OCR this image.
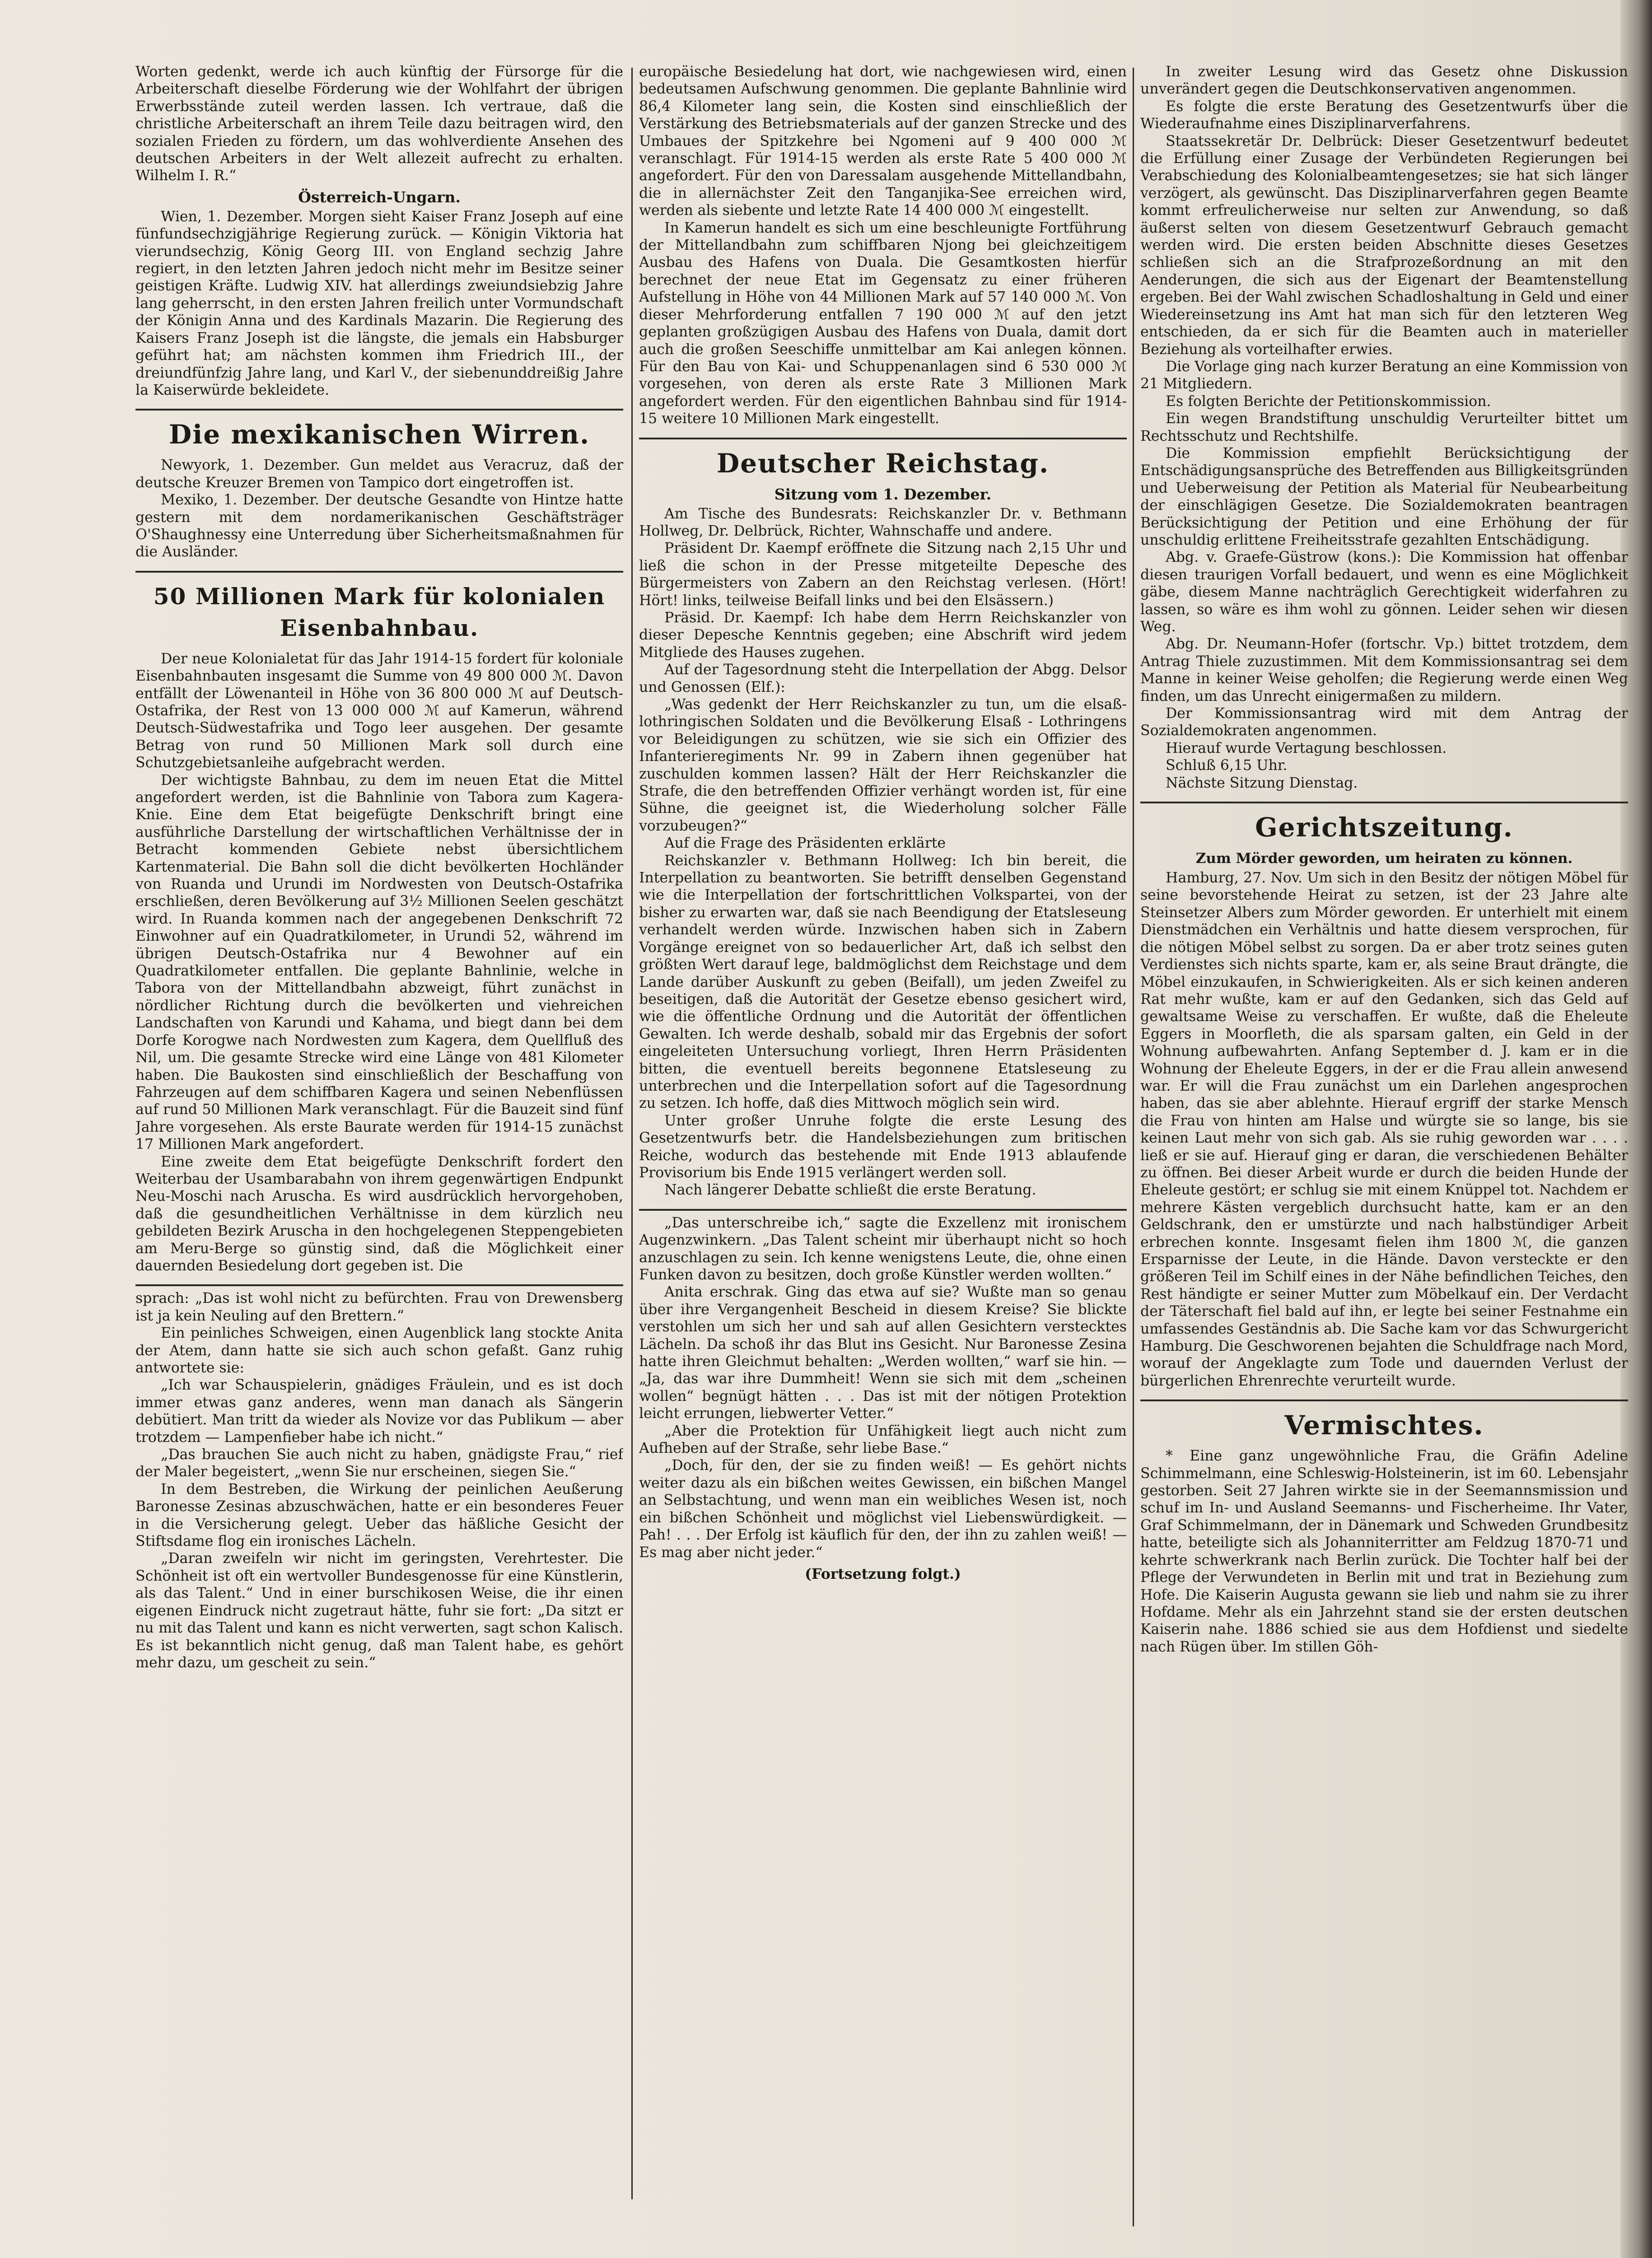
Worten gedenkt, werde ich auch künftig der Fürsorge für die Arbeiterschaft dieselbe Förderung wie der Wohlfahrt der übrigen Erwerbsstände zuteil werden lassen. Ich vertraue, daß die christliche Arbeiterschaft an ihrem Teile dazu beitragen wird, den sozialen Frieden zu fördern, um das wohlverdiente Ansehen des deutschen Arbeiters in der Welt allezeit aufrecht zu erhalten. Wilhelm I. R.“

Österreich-Ungarn.

Wien, 1. Dezember. Morgen sieht Kaiser Franz Joseph auf eine fünfundsechzigjährige Regierung zurück. — Königin Viktoria hat vierundsechzig, König Georg III. von England sechzig Jahre regiert, in den letzten Jahren jedoch nicht mehr im Besitze seiner geistigen Kräfte. Ludwig XIV. hat allerdings zweiundsiebzig Jahre lang geherrscht, in den ersten Jahren freilich unter Vormundschaft der Königin Anna und des Kardinals Mazarin. Die Regierung des Kaisers Franz Joseph ist die längste, die jemals ein Habsburger geführt hat; am nächsten kommen ihm Friedrich III., der dreiundfünfzig Jahre lang, und Karl V., der siebenunddreißig Jahre la Kaiserwürde bekleidete.

Die mexikanischen Wirren.

Newyork, 1. Dezember. Gun meldet aus Veracruz, daß der deutsche Kreuzer Bremen von Tampico dort eingetroffen ist.

Mexiko, 1. Dezember. Der deutsche Gesandte von Hintze hatte gestern mit dem nordamerikanischen Geschäftsträger O'Shaughnessy eine Unterredung über Sicherheitsmaßnahmen für die Ausländer.

50 Millionen Mark für kolonialen Eisenbahnbau.

Der neue Kolonialetat für das Jahr 1914-15 fordert für koloniale Eisenbahnbauten insgesamt die Summe von 49 800 000 ℳ. Davon entfällt der Löwenanteil in Höhe von 36 800 000 ℳ auf Deutsch-Ostafrika, der Rest von 13 000 000 ℳ auf Kamerun, während Deutsch-Südwestafrika und Togo leer ausgehen. Der gesamte Betrag von rund 50 Millionen Mark soll durch eine Schutzgebietsanleihe aufgebracht werden.

Der wichtigste Bahnbau, zu dem im neuen Etat die Mittel angefordert werden, ist die Bahnlinie von Tabora zum Kagera-Knie. Eine dem Etat beigefügte Denkschrift bringt eine ausführliche Darstellung der wirtschaftlichen Verhältnisse der in Betracht kommenden Gebiete nebst übersichtlichem Kartenmaterial. Die Bahn soll die dicht bevölkerten Hochländer von Ruanda und Urundi im Nordwesten von Deutsch-Ostafrika erschließen, deren Bevölkerung auf 3½ Millionen Seelen geschätzt wird. In Ruanda kommen nach der angegebenen Denkschrift 72 Einwohner auf ein Quadratkilometer, in Urundi 52, während im übrigen Deutsch-Ostafrika nur 4 Bewohner auf ein Quadratkilometer entfallen. Die geplante Bahnlinie, welche in Tabora von der Mittellandbahn abzweigt, führt zunächst in nördlicher Richtung durch die bevölkerten und viehreichen Landschaften von Karundi und Kahama, und biegt dann bei dem Dorfe Korogwe nach Nordwesten zum Kagera, dem Quellfluß des Nil, um. Die gesamte Strecke wird eine Länge von 481 Kilometer haben. Die Baukosten sind einschließlich der Beschaffung von Fahrzeugen auf dem schiffbaren Kagera und seinen Nebenflüssen auf rund 50 Millionen Mark veranschlagt. Für die Bauzeit sind fünf Jahre vorgesehen. Als erste Baurate werden für 1914-15 zunächst 17 Millionen Mark angefordert.

Eine zweite dem Etat beigefügte Denkschrift fordert den Weiterbau der Usambarabahn von ihrem gegenwärtigen Endpunkt Neu-Moschi nach Aruscha. Es wird ausdrücklich hervorgehoben, daß die gesundheitlichen Verhältnisse in dem kürzlich neu gebildeten Bezirk Aruscha in den hochgelegenen Steppengebieten am Meru-Berge so günstig sind, daß die Möglichkeit einer dauernden Besiedelung dort gegeben ist. Die

sprach: „Das ist wohl nicht zu befürchten. Frau von Drewensberg ist ja kein Neuling auf den Brettern.“

Ein peinliches Schweigen, einen Augenblick lang stockte Anita der Atem, dann hatte sie sich auch schon gefaßt. Ganz ruhig antwortete sie:

„Ich war Schauspielerin, gnädiges Fräulein, und es ist doch immer etwas ganz anderes, wenn man danach als Sängerin debütiert. Man tritt da wieder als Novize vor das Publikum — aber trotzdem — Lampenfieber habe ich nicht.“

„Das brauchen Sie auch nicht zu haben, gnädigste Frau,“ rief der Maler begeistert, „wenn Sie nur erscheinen, siegen Sie.“

In dem Bestreben, die Wirkung der peinlichen Aeußerung Baronesse Zesinas abzuschwächen, hatte er ein besonderes Feuer in die Versicherung gelegt. Ueber das häßliche Gesicht der Stiftsdame flog ein ironisches Lächeln.

„Daran zweifeln wir nicht im geringsten, Verehrtester. Die Schönheit ist oft ein wertvoller Bundesgenosse für eine Künstlerin, als das Talent.“ Und in einer burschikosen Weise, die ihr einen eigenen Eindruck nicht zugetraut hätte, fuhr sie fort: „Da sitzt er nu mit das Talent und kann es nicht verwerten, sagt schon Kalisch. Es ist bekanntlich nicht genug, daß man Talent habe, es gehört mehr dazu, um gescheit zu sein.“

europäische Besiedelung hat dort, wie nachgewiesen wird, einen bedeutsamen Aufschwung genommen. Die geplante Bahnlinie wird 86,4 Kilometer lang sein, die Kosten sind einschließlich der Verstärkung des Betriebsmaterials auf der ganzen Strecke und des Umbaues der Spitzkehre bei Ngomeni auf 9 400 000 ℳ veranschlagt. Für 1914-15 werden als erste Rate 5 400 000 ℳ angefordert. Für den von Daressalam ausgehende Mittellandbahn, die in allernächster Zeit den Tanganjika-See erreichen wird, werden als siebente und letzte Rate 14 400 000 ℳ eingestellt.

In Kamerun handelt es sich um eine beschleunigte Fortführung der Mittellandbahn zum schiffbaren Njong bei gleichzeitigem Ausbau des Hafens von Duala. Die Gesamtkosten hierfür berechnet der neue Etat im Gegensatz zu einer früheren Aufstellung in Höhe von 44 Millionen Mark auf 57 140 000 ℳ. Von dieser Mehrforderung entfallen 7 190 000 ℳ auf den jetzt geplanten großzügigen Ausbau des Hafens von Duala, damit dort auch die großen Seeschiffe unmittelbar am Kai anlegen können. Für den Bau von Kai- und Schuppenanlagen sind 6 530 000 ℳ vorgesehen, von deren als erste Rate 3 Millionen Mark angefordert werden. Für den eigentlichen Bahnbau sind für 1914-15 weitere 10 Millionen Mark eingestellt.

Deutscher Reichstag.
Sitzung vom 1. Dezember.

Am Tische des Bundesrats: Reichskanzler Dr. v. Bethmann Hollweg, Dr. Delbrück, Richter, Wahnschaffe und andere.

Präsident Dr. Kaempf eröffnete die Sitzung nach 2,15 Uhr und ließ die schon in der Presse mitgeteilte Depesche des Bürgermeisters von Zabern an den Reichstag verlesen. (Hört! Hört! links, teilweise Beifall links und bei den Elsässern.)

Präsid. Dr. Kaempf: Ich habe dem Herrn Reichskanzler von dieser Depesche Kenntnis gegeben; eine Abschrift wird jedem Mitgliede des Hauses zugehen.

Auf der Tagesordnung steht die Interpellation der Abgg. Delsor und Genossen (Elf.):

„Was gedenkt der Herr Reichskanzler zu tun, um die elsaß-lothringischen Soldaten und die Bevölkerung Elsaß - Lothringens vor Beleidigungen zu schützen, wie sie sich ein Offizier des Infanterieregiments Nr. 99 in Zabern ihnen gegenüber hat zuschulden kommen lassen? Hält der Herr Reichskanzler die Strafe, die den betreffenden Offizier verhängt worden ist, für eine Sühne, die geeignet ist, die Wiederholung solcher Fälle vorzubeugen?“

Auf die Frage des Präsidenten erklärte

Reichskanzler v. Bethmann Hollweg: Ich bin bereit, die Interpellation zu beantworten. Sie betrifft denselben Gegenstand wie die Interpellation der fortschrittlichen Volkspartei, von der bisher zu erwarten war, daß sie nach Beendigung der Etatsleseung verhandelt werden würde. Inzwischen haben sich in Zabern Vorgänge ereignet von so bedauerlicher Art, daß ich selbst den größten Wert darauf lege, baldmöglichst dem Reichstage und dem Lande darüber Auskunft zu geben (Beifall), um jeden Zweifel zu beseitigen, daß die Autorität der Gesetze ebenso gesichert wird, wie die öffentliche Ordnung und die Autorität der öffentlichen Gewalten. Ich werde deshalb, sobald mir das Ergebnis der sofort eingeleiteten Untersuchung vorliegt, Ihren Herrn Präsidenten bitten, die eventuell bereits begonnene Etatsleseung zu unterbrechen und die Interpellation sofort auf die Tagesordnung zu setzen. Ich hoffe, daß dies Mittwoch möglich sein wird.

Unter großer Unruhe folgte die erste Lesung des Gesetzentwurfs betr. die Handelsbeziehungen zum britischen Reiche, wodurch das bestehende mit Ende 1913 ablaufende Provisorium bis Ende 1915 verlängert werden soll.

Nach längerer Debatte schließt die erste Beratung.

„Das unterschreibe ich,“ sagte die Exzellenz mit ironischem Augenzwinkern. „Das Talent scheint mir überhaupt nicht so hoch anzuschlagen zu sein. Ich kenne wenigstens Leute, die, ohne einen Funken davon zu besitzen, doch große Künstler werden wollten.“

Anita erschrak. Ging das etwa auf sie? Wußte man so genau über ihre Vergangenheit Bescheid in diesem Kreise? Sie blickte verstohlen um sich her und sah auf allen Gesichtern verstecktes Lächeln. Da schoß ihr das Blut ins Gesicht. Nur Baronesse Zesina hatte ihren Gleichmut behalten: „Werden wollten,“ warf sie hin. — „Ja, das war ihre Dummheit! Wenn sie sich mit dem „scheinen wollen“ begnügt hätten . . . Das ist mit der nötigen Protektion leicht errungen, liebwerter Vetter.“

„Aber die Protektion für Unfähigkeit liegt auch nicht zum Aufheben auf der Straße, sehr liebe Base.“

„Doch, für den, der sie zu finden weiß! — Es gehört nichts weiter dazu als ein bißchen weites Gewissen, ein bißchen Mangel an Selbstachtung, und wenn man ein weibliches Wesen ist, noch ein bißchen Schönheit und möglichst viel Liebenswürdigkeit. — Pah! . . . Der Erfolg ist käuflich für den, der ihn zu zahlen weiß! — Es mag aber nicht jeder.“

(Fortsetzung folgt.)

In zweiter Lesung wird das Gesetz ohne Diskussion unverändert gegen die Deutschkonservativen angenommen.

Es folgte die erste Beratung des Gesetzentwurfs über die Wiederaufnahme eines Disziplinarverfahrens.

Staatssekretär Dr. Delbrück: Dieser Gesetzentwurf bedeutet die Erfüllung einer Zusage der Verbündeten Regierungen bei Verabschiedung des Kolonialbeamtengesetzes; sie hat sich länger verzögert, als gewünscht. Das Disziplinarverfahren gegen Beamte kommt erfreulicherweise nur selten zur Anwendung, so daß äußerst selten von diesem Gesetzentwurf Gebrauch gemacht werden wird. Die ersten beiden Abschnitte dieses Gesetzes schließen sich an die Strafprozeßordnung an mit den Aenderungen, die sich aus der Eigenart der Beamtenstellung ergeben. Bei der Wahl zwischen Schadloshaltung in Geld und einer Wiedereinsetzung ins Amt hat man sich für den letzteren Weg entschieden, da er sich für die Beamten auch in materieller Beziehung als vorteilhafter erwies.

Die Vorlage ging nach kurzer Beratung an eine Kommission von 21 Mitgliedern.

Es folgten Berichte der Petitionskommission.

Ein wegen Brandstiftung unschuldig Verurteilter bittet um Rechtsschutz und Rechtshilfe.

Die Kommission empfiehlt Berücksichtigung der Entschädigungsansprüche des Betreffenden aus Billigkeitsgründen und Ueberweisung der Petition als Material für Neubearbeitung der einschlägigen Gesetze. Die Sozialdemokraten beantragen Berücksichtigung der Petition und eine Erhöhung der für unschuldig erlittene Freiheitsstrafe gezahlten Entschädigung.

Abg. v. Graefe-Güstrow (kons.): Die Kommission hat offenbar diesen traurigen Vorfall bedauert, und wenn es eine Möglichkeit gäbe, diesem Manne nachträglich Gerechtigkeit widerfahren zu lassen, so wäre es ihm wohl zu gönnen. Leider sehen wir diesen Weg.

Abg. Dr. Neumann-Hofer (fortschr. Vp.) bittet trotzdem, dem Antrag Thiele zuzustimmen. Mit dem Kommissionsantrag sei dem Manne in keiner Weise geholfen; die Regierung werde einen Weg finden, um das Unrecht einigermaßen zu mildern.

Der Kommissionsantrag wird mit dem Antrag der Sozialdemokraten angenommen.

Hierauf wurde Vertagung beschlossen.

Schluß 6,15 Uhr.

Nächste Sitzung Dienstag.

Gerichtszeitung.
Zum Mörder geworden, um heiraten zu können.

Hamburg, 27. Nov. Um sich in den Besitz der nötigen Möbel für seine bevorstehende Heirat zu setzen, ist der 23 Jahre alte Steinsetzer Albers zum Mörder geworden. Er unterhielt mit einem Dienstmädchen ein Verhältnis und hatte diesem versprochen, für die nötigen Möbel selbst zu sorgen. Da er aber trotz seines guten Verdienstes sich nichts sparte, kam er, als seine Braut drängte, die Möbel einzukaufen, in Schwierigkeiten. Als er sich keinen anderen Rat mehr wußte, kam er auf den Gedanken, sich das Geld auf gewaltsame Weise zu verschaffen. Er wußte, daß die Eheleute Eggers in Moorfleth, die als sparsam galten, ein Geld in der Wohnung aufbewahrten. Anfang September d. J. kam er in die Wohnung der Eheleute Eggers, in der er die Frau allein anwesend war. Er will die Frau zunächst um ein Darlehen angesprochen haben, das sie aber ablehnte. Hierauf ergriff der starke Mensch die Frau von hinten am Halse und würgte sie so lange, bis sie keinen Laut mehr von sich gab. Als sie ruhig geworden war . . . . ließ er sie auf. Hierauf ging er daran, die verschiedenen Behälter zu öffnen. Bei dieser Arbeit wurde er durch die beiden Hunde der Eheleute gestört; er schlug sie mit einem Knüppel tot. Nachdem er mehrere Kästen vergeblich durchsucht hatte, kam er an den Geldschrank, den er umstürzte und nach halbstündiger Arbeit erbrechen konnte. Insgesamt fielen ihm 1800 ℳ, die ganzen Ersparnisse der Leute, in die Hände. Davon versteckte er den größeren Teil im Schilf eines in der Nähe befindlichen Teiches, den Rest händigte er seiner Mutter zum Möbelkauf ein. Der Verdacht der Täterschaft fiel bald auf ihn, er legte bei seiner Festnahme ein umfassendes Geständnis ab. Die Sache kam vor das Schwurgericht Hamburg. Die Geschworenen bejahten die Schuldfrage nach Mord, worauf der Angeklagte zum Tode und dauernden Verlust der bürgerlichen Ehrenrechte verurteilt wurde.

Vermischtes.

* Eine ganz ungewöhnliche Frau, die Gräfin Adeline Schimmelmann, eine Schleswig-Holsteinerin, ist im 60. Lebensjahr gestorben. Seit 27 Jahren wirkte sie in der Seemannsmission und schuf im In- und Ausland Seemanns- und Fischerheime. Ihr Vater, Graf Schimmelmann, der in Dänemark und Schweden Grundbesitz hatte, beteiligte sich als Johanniterritter am Feldzug 1870-71 und kehrte schwerkrank nach Berlin zurück. Die Tochter half bei der Pflege der Verwundeten in Berlin mit und trat in Beziehung zum Hofe. Die Kaiserin Augusta gewann sie lieb und nahm sie zu ihrer Hofdame. Mehr als ein Jahrzehnt stand sie der ersten deutschen Kaiserin nahe. 1886 schied sie aus dem Hofdienst und siedelte nach Rügen über. Im stillen Göh-
